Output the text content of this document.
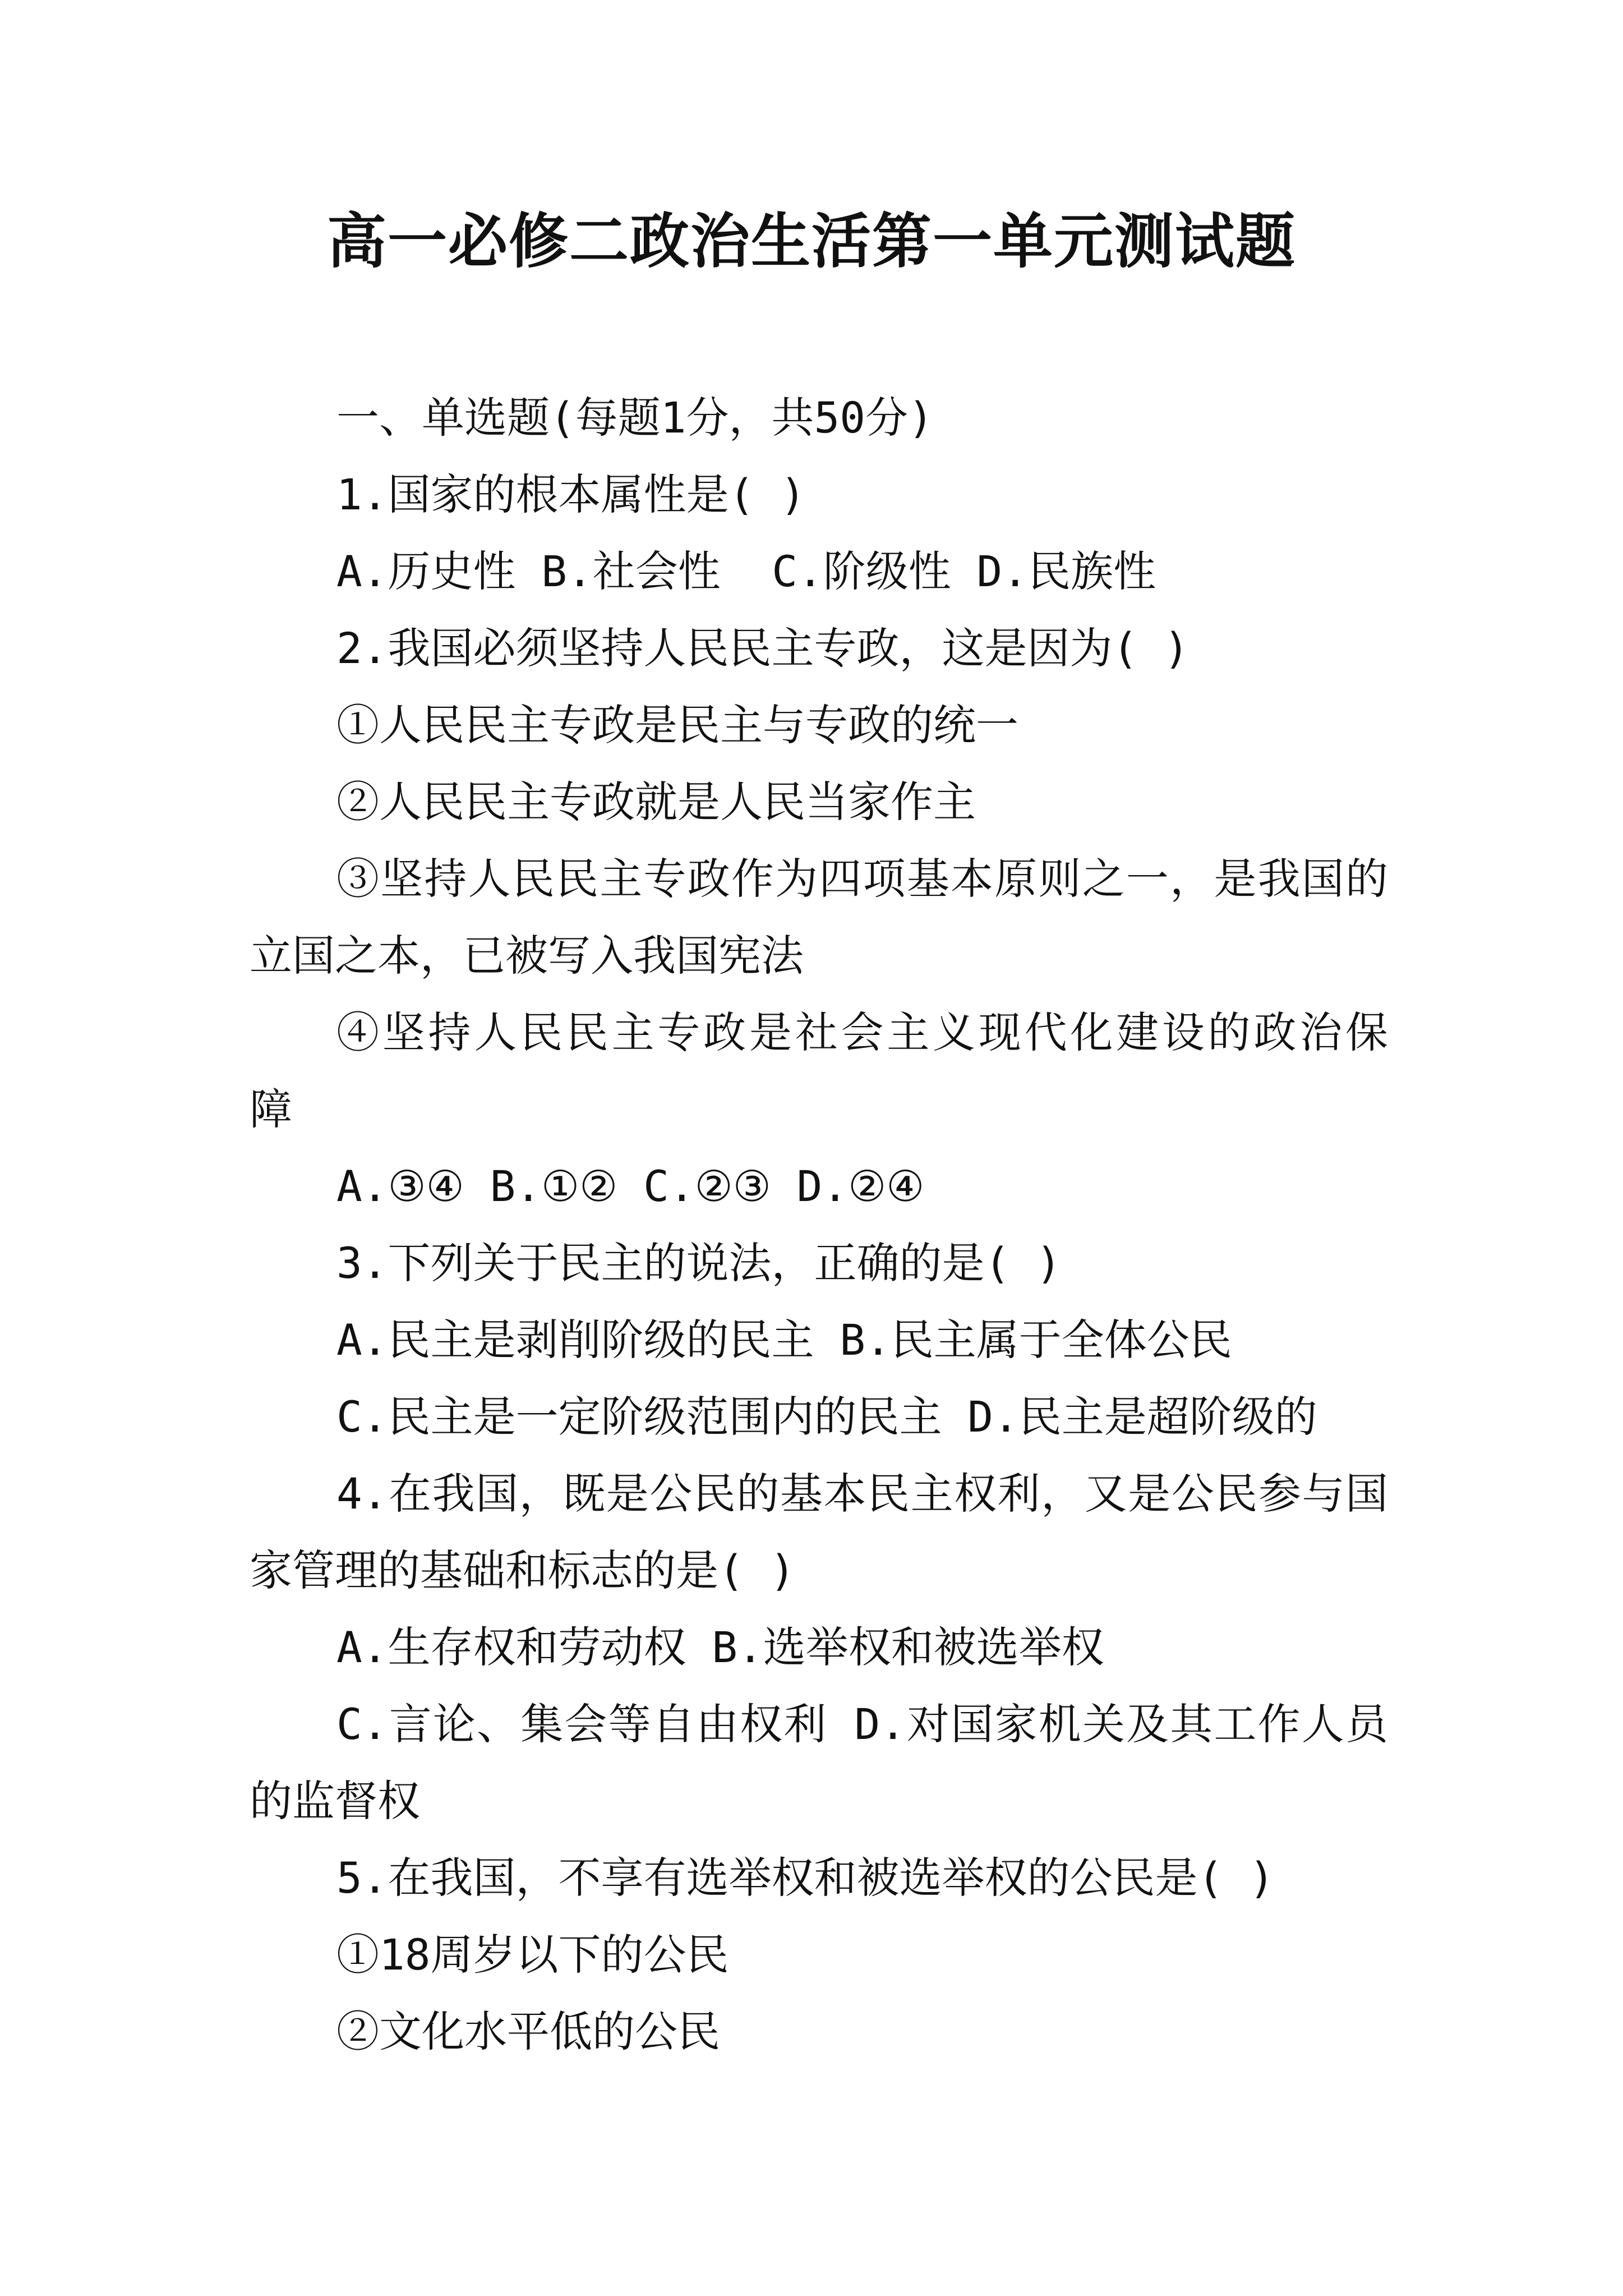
高一必修二政治生活第一单元测试题

一、单选题(每题1分，共50分)

1.国家的根本属性是( )

A.历史性 B.社会性  C.阶级性 D.民族性

2.我国必须坚持人民民主专政，这是因为( )

①人民民主专政是民主与专政的统一

②人民民主专政就是人民当家作主

③坚持人民民主专政作为四项基本原则之一，是我国的

立国之本，已被写入我国宪法

④坚持人民民主专政是社会主义现代化建设的政治保

障

A.③④ B.①② C.②③ D.②④

3.下列关于民主的说法，正确的是( )

A.民主是剥削阶级的民主 B.民主属于全体公民

C.民主是一定阶级范围内的民主 D.民主是超阶级的

4.在我国，既是公民的基本民主权利，又是公民参与国

家管理的基础和标志的是( )

A.生存权和劳动权 B.选举权和被选举权

C.言论、集会等自由权利 D.对国家机关及其工作人员

的监督权

5.在我国，不享有选举权和被选举权的公民是( )

①18周岁以下的公民

②文化水平低的公民
